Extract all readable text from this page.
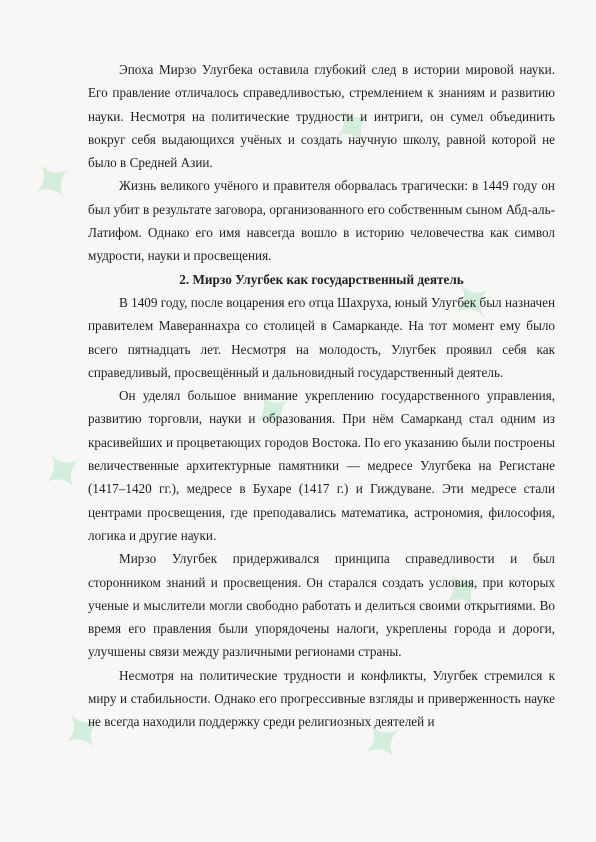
✦
✦
✦
✦
✦
✦
✦	✦

Эпоха Мирзо Улугбека оставила глубокий след в истории мировой науки. Его правление отличалось справедливостью, стремлением к знаниям и развитию науки. Несмотря на политические трудности и интриги, он сумел объединить вокруг себя выдающихся учёных и создать научную школу, равной которой не было в Средней Азии.

Жизнь великого учёного и правителя оборвалась трагически: в 1449 году он был убит в результате заговора, организованного его собственным сыном Абд-аль-Латифом. Однако его имя навсегда вошло в историю человечества как символ мудрости, науки и просвещения.

2. Мирзо Улугбек как государственный деятель

В 1409 году, после воцарения его отца Шахруха, юный Улугбек был назначен правителем Мавераннахра со столицей в Самарканде. На тот момент ему было всего пятнадцать лет. Несмотря на молодость, Улугбек проявил себя как справедливый, просвещённый и дальновидный государственный деятель.

Он уделял большое внимание укреплению государственного управления, развитию торговли, науки и образования. При нём Самарканд стал одним из красивейших и процветающих городов Востока. По его указанию были построены величественные архитектурные памятники — медресе Улугбека на Регистане (1417–1420 гг.), медресе в Бухаре (1417 г.) и Гиждуване. Эти медресе стали центрами просвещения, где преподавались математика, астрономия, философия, логика и другие науки.

Мирзо Улугбек придерживался принципа справедливости и был сторонником знаний и просвещения. Он старался создать условия, при которых ученые и мыслители могли свободно работать и делиться своими открытиями. Во время его правления были упорядочены налоги, укреплены города и дороги, улучшены связи между различными регионами страны.

Несмотря на политические трудности и конфликты, Улугбек стремился к миру и стабильности. Однако его прогрессивные взгляды и приверженность науке не всегда находили поддержку среди религиозных деятелей и
